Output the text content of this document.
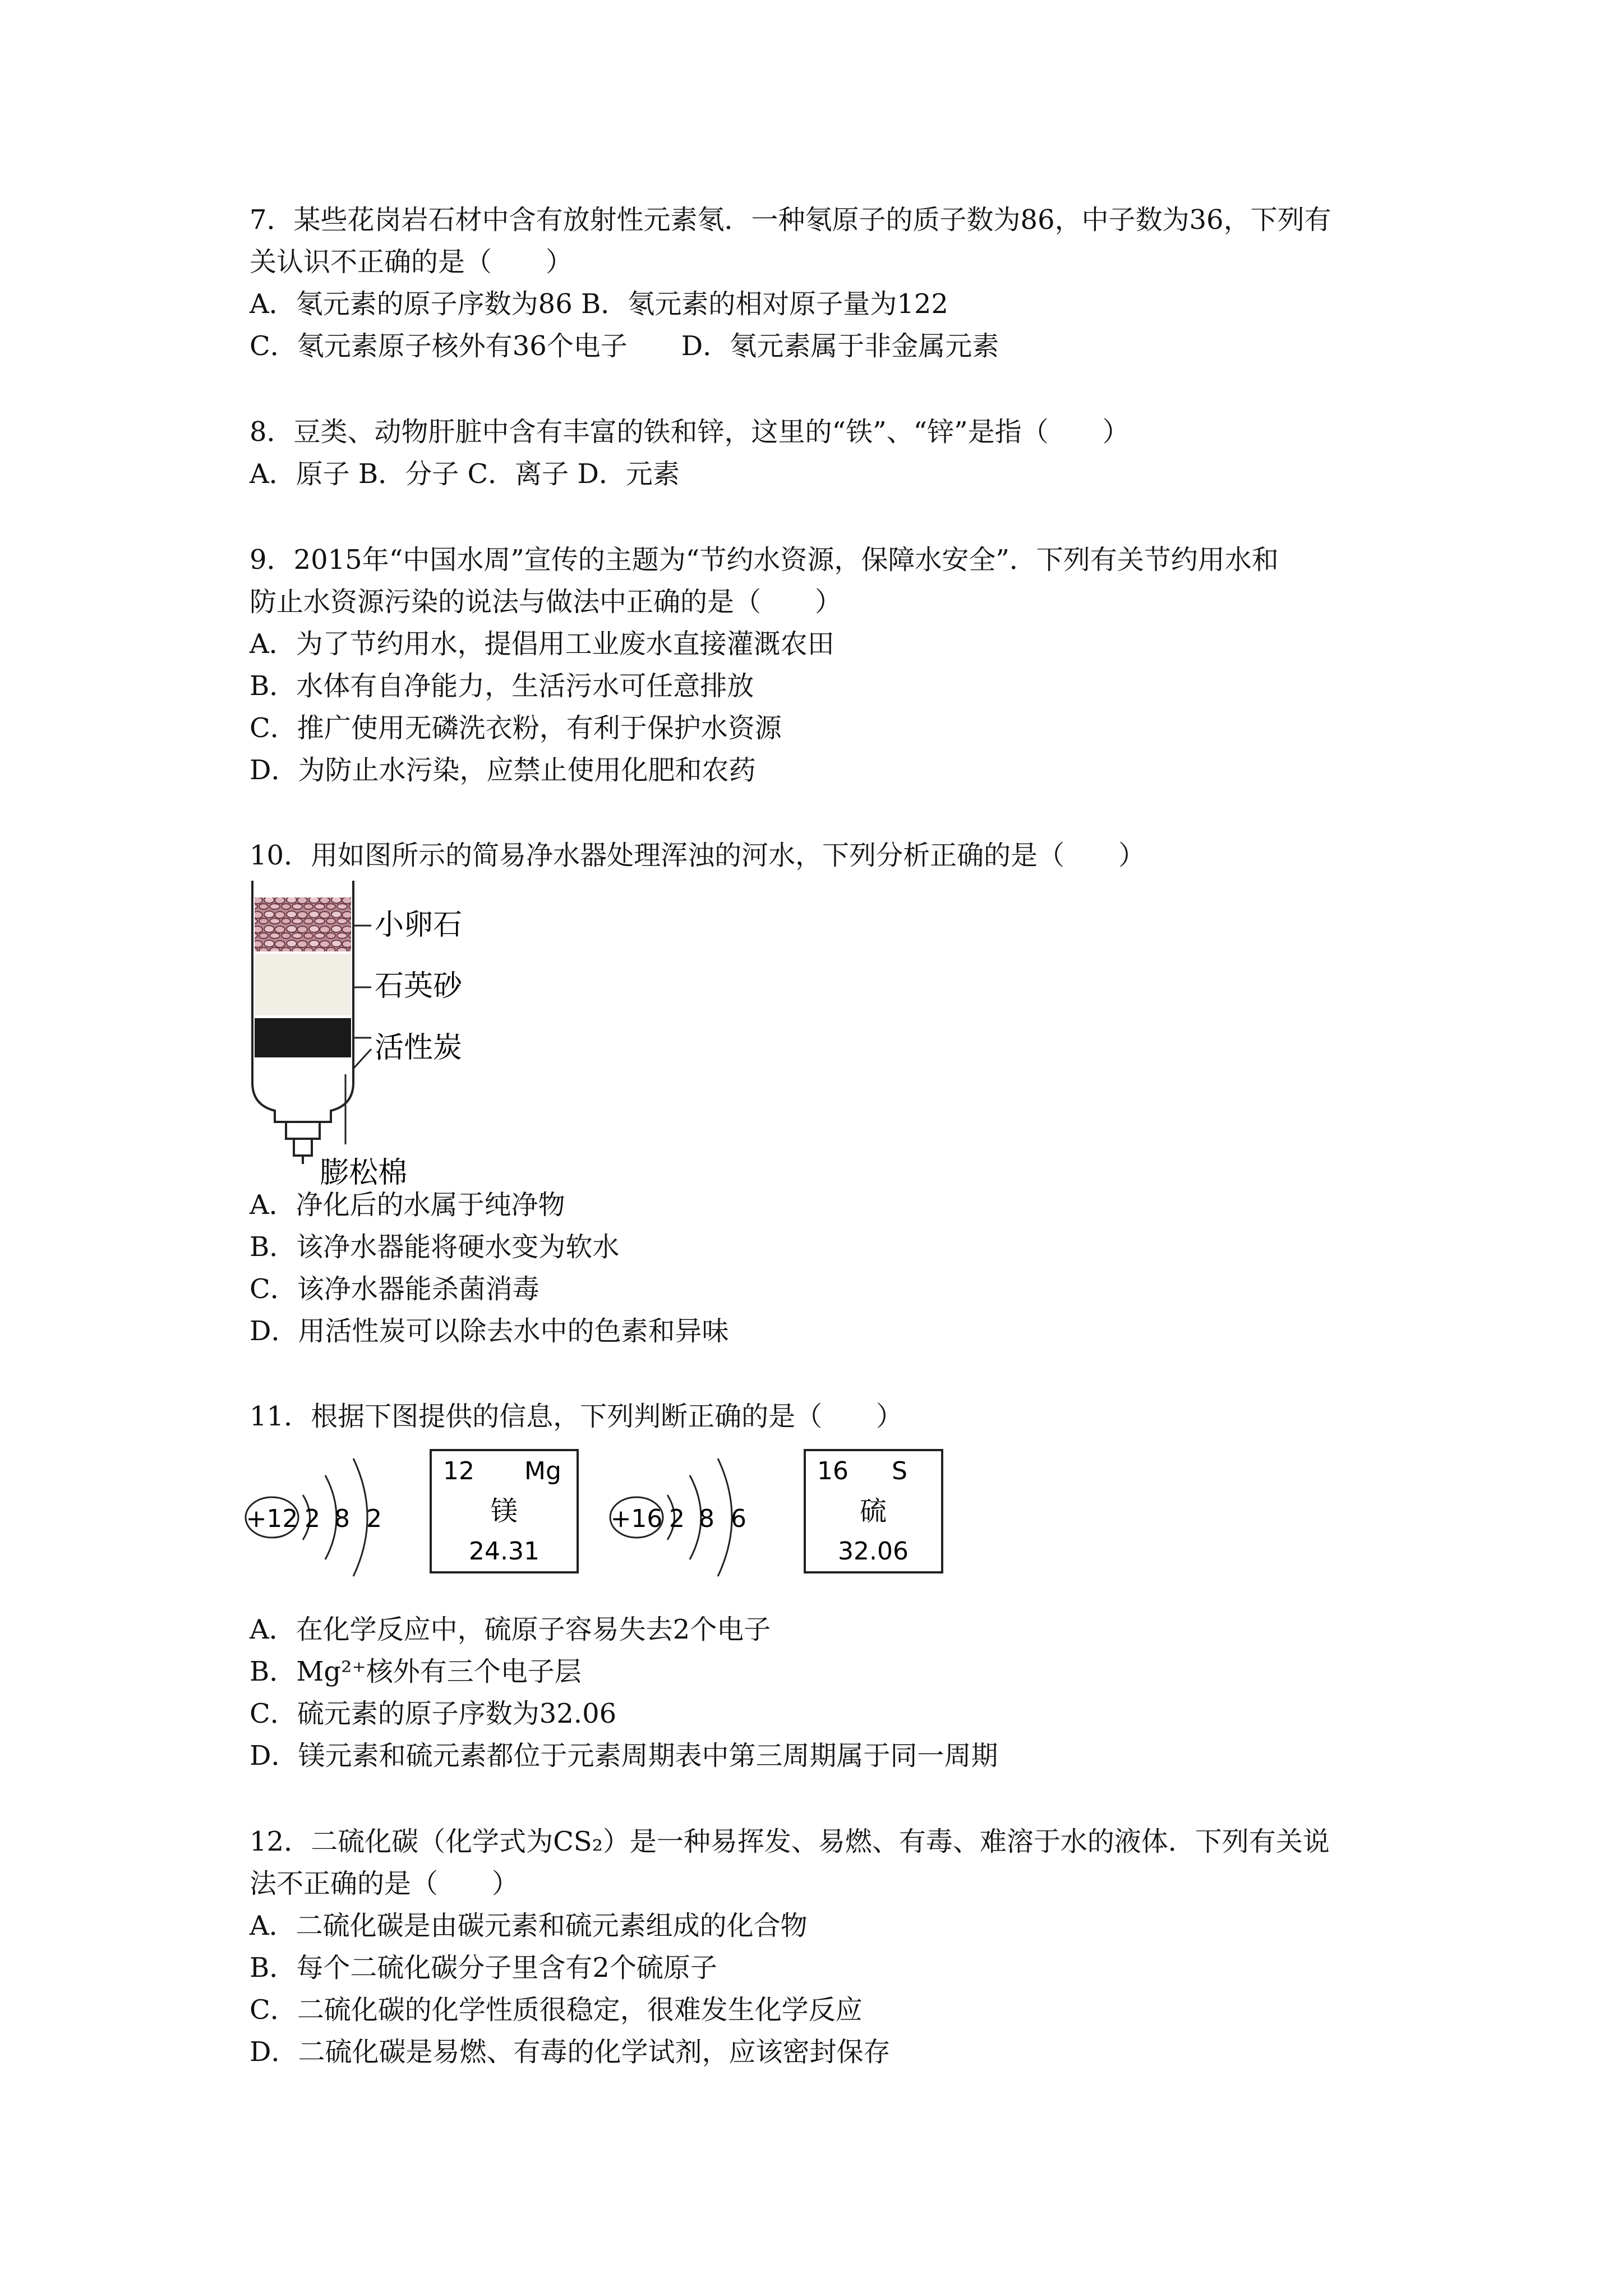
7．某些花岗岩石材中含有放射性元素氡．一种氡原子的质子数为86，中子数为36，下列有
关认识不正确的是（　　）
A．氡元素的原子序数为86 B．氡元素的相对原子量为122
C．氡元素原子核外有36个电子　　D．氡元素属于非金属元素
8．豆类、动物肝脏中含有丰富的铁和锌，这里的“铁”、“锌”是指（　　）
A．原子 B．分子 C．离子 D．元素
9．2015年“中国水周”宣传的主题为“节约水资源，保障水安全”．下列有关节约用水和
防止水资源污染的说法与做法中正确的是（　　）
A．为了节约用水，提倡用工业废水直接灌溉农田
B．水体有自净能力，生活污水可任意排放
C．推广使用无磷洗衣粉，有利于保护水资源
D．为防止水污染，应禁止使用化肥和农药
10．用如图所示的简易净水器处理浑浊的河水，下列分析正确的是（　　）
小卵石
石英砂
活性炭
膨松棉
A．净化后的水属于纯净物
B．该净水器能将硬水变为软水
C．该净水器能杀菌消毒
D．用活性炭可以除去水中的色素和异味
11．根据下图提供的信息，下列判断正确的是（　　）
+12 2 8 2
12 Mg
镁
24.31
+16 2 8 6
16 S
硫
32.06
A．在化学反应中，硫原子容易失去2个电子
B．Mg²⁺核外有三个电子层
C．硫元素的原子序数为32.06
D．镁元素和硫元素都位于元素周期表中第三周期属于同一周期
12．二硫化碳（化学式为CS₂）是一种易挥发、易燃、有毒、难溶于水的液体．下列有关说
法不正确的是（　　）
A．二硫化碳是由碳元素和硫元素组成的化合物
B．每个二硫化碳分子里含有2个硫原子
C．二硫化碳的化学性质很稳定，很难发生化学反应
D．二硫化碳是易燃、有毒的化学试剂，应该密封保存
